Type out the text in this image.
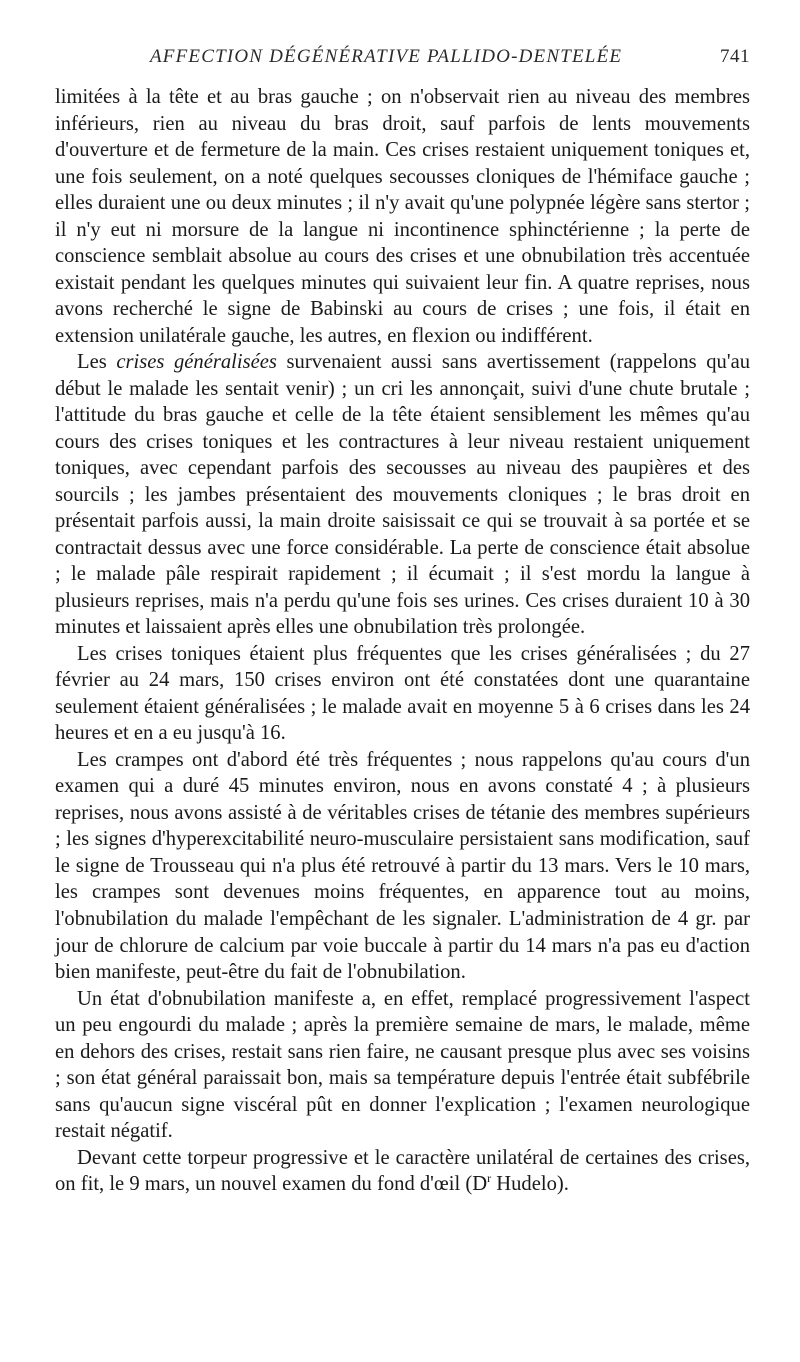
AFFECTION DÉGÉNÉRATIVE PALLIDO-DENTELÉE	741

limitées à la tête et au bras gauche ; on n'observait rien au niveau des membres inférieurs, rien au niveau du bras droit, sauf parfois de lents mouvements d'ouverture et de fermeture de la main. Ces crises restaient uniquement toniques et, une fois seulement, on a noté quelques secousses cloniques de l'hémiface gauche ; elles duraient une ou deux minutes ; il n'y avait qu'une polypnée légère sans stertor ; il n'y eut ni morsure de la langue ni incontinence sphinctérienne ; la perte de conscience semblait absolue au cours des crises et une obnubilation très accentuée existait pendant les quelques minutes qui suivaient leur fin. A quatre reprises, nous avons recherché le signe de Babinski au cours de crises ; une fois, il était en extension unilatérale gauche, les autres, en flexion ou indifférent.

Les crises généralisées survenaient aussi sans avertissement (rappelons qu'au début le malade les sentait venir) ; un cri les annonçait, suivi d'une chute brutale ; l'attitude du bras gauche et celle de la tête étaient sensiblement les mêmes qu'au cours des crises toniques et les contractures à leur niveau restaient uniquement toniques, avec cependant parfois des secousses au niveau des paupières et des sourcils ; les jambes présentaient des mouvements cloniques ; le bras droit en présentait parfois aussi, la main droite saisissait ce qui se trouvait à sa portée et se contractait dessus avec une force considérable. La perte de conscience était absolue ; le malade pâle respirait rapidement ; il écumait ; il s'est mordu la langue à plusieurs reprises, mais n'a perdu qu'une fois ses urines. Ces crises duraient 10 à 30 minutes et laissaient après elles une obnubilation très prolongée.

Les crises toniques étaient plus fréquentes que les crises généralisées ; du 27 février au 24 mars, 150 crises environ ont été constatées dont une quarantaine seulement étaient généralisées ; le malade avait en moyenne 5 à 6 crises dans les 24 heures et en a eu jusqu'à 16.

Les crampes ont d'abord été très fréquentes ; nous rappelons qu'au cours d'un examen qui a duré 45 minutes environ, nous en avons constaté 4 ; à plusieurs reprises, nous avons assisté à de véritables crises de tétanie des membres supérieurs ; les signes d'hyperexcitabilité neuro-musculaire persistaient sans modification, sauf le signe de Trousseau qui n'a plus été retrouvé à partir du 13 mars. Vers le 10 mars, les crampes sont devenues moins fréquentes, en apparence tout au moins, l'obnubilation du malade l'empêchant de les signaler. L'administration de 4 gr. par jour de chlorure de calcium par voie buccale à partir du 14 mars n'a pas eu d'action bien manifeste, peut-être du fait de l'obnubilation.

Un état d'obnubilation manifeste a, en effet, remplacé progressivement l'aspect un peu engourdi du malade ; après la première semaine de mars, le malade, même en dehors des crises, restait sans rien faire, ne causant presque plus avec ses voisins ; son état général paraissait bon, mais sa température depuis l'entrée était subfébrile sans qu'aucun signe viscéral pût en donner l'explication ; l'examen neurologique restait négatif.

Devant cette torpeur progressive et le caractère unilatéral de certaines des crises, on fit, le 9 mars, un nouvel examen du fond d'œil ($D^r$ Hudelo).
